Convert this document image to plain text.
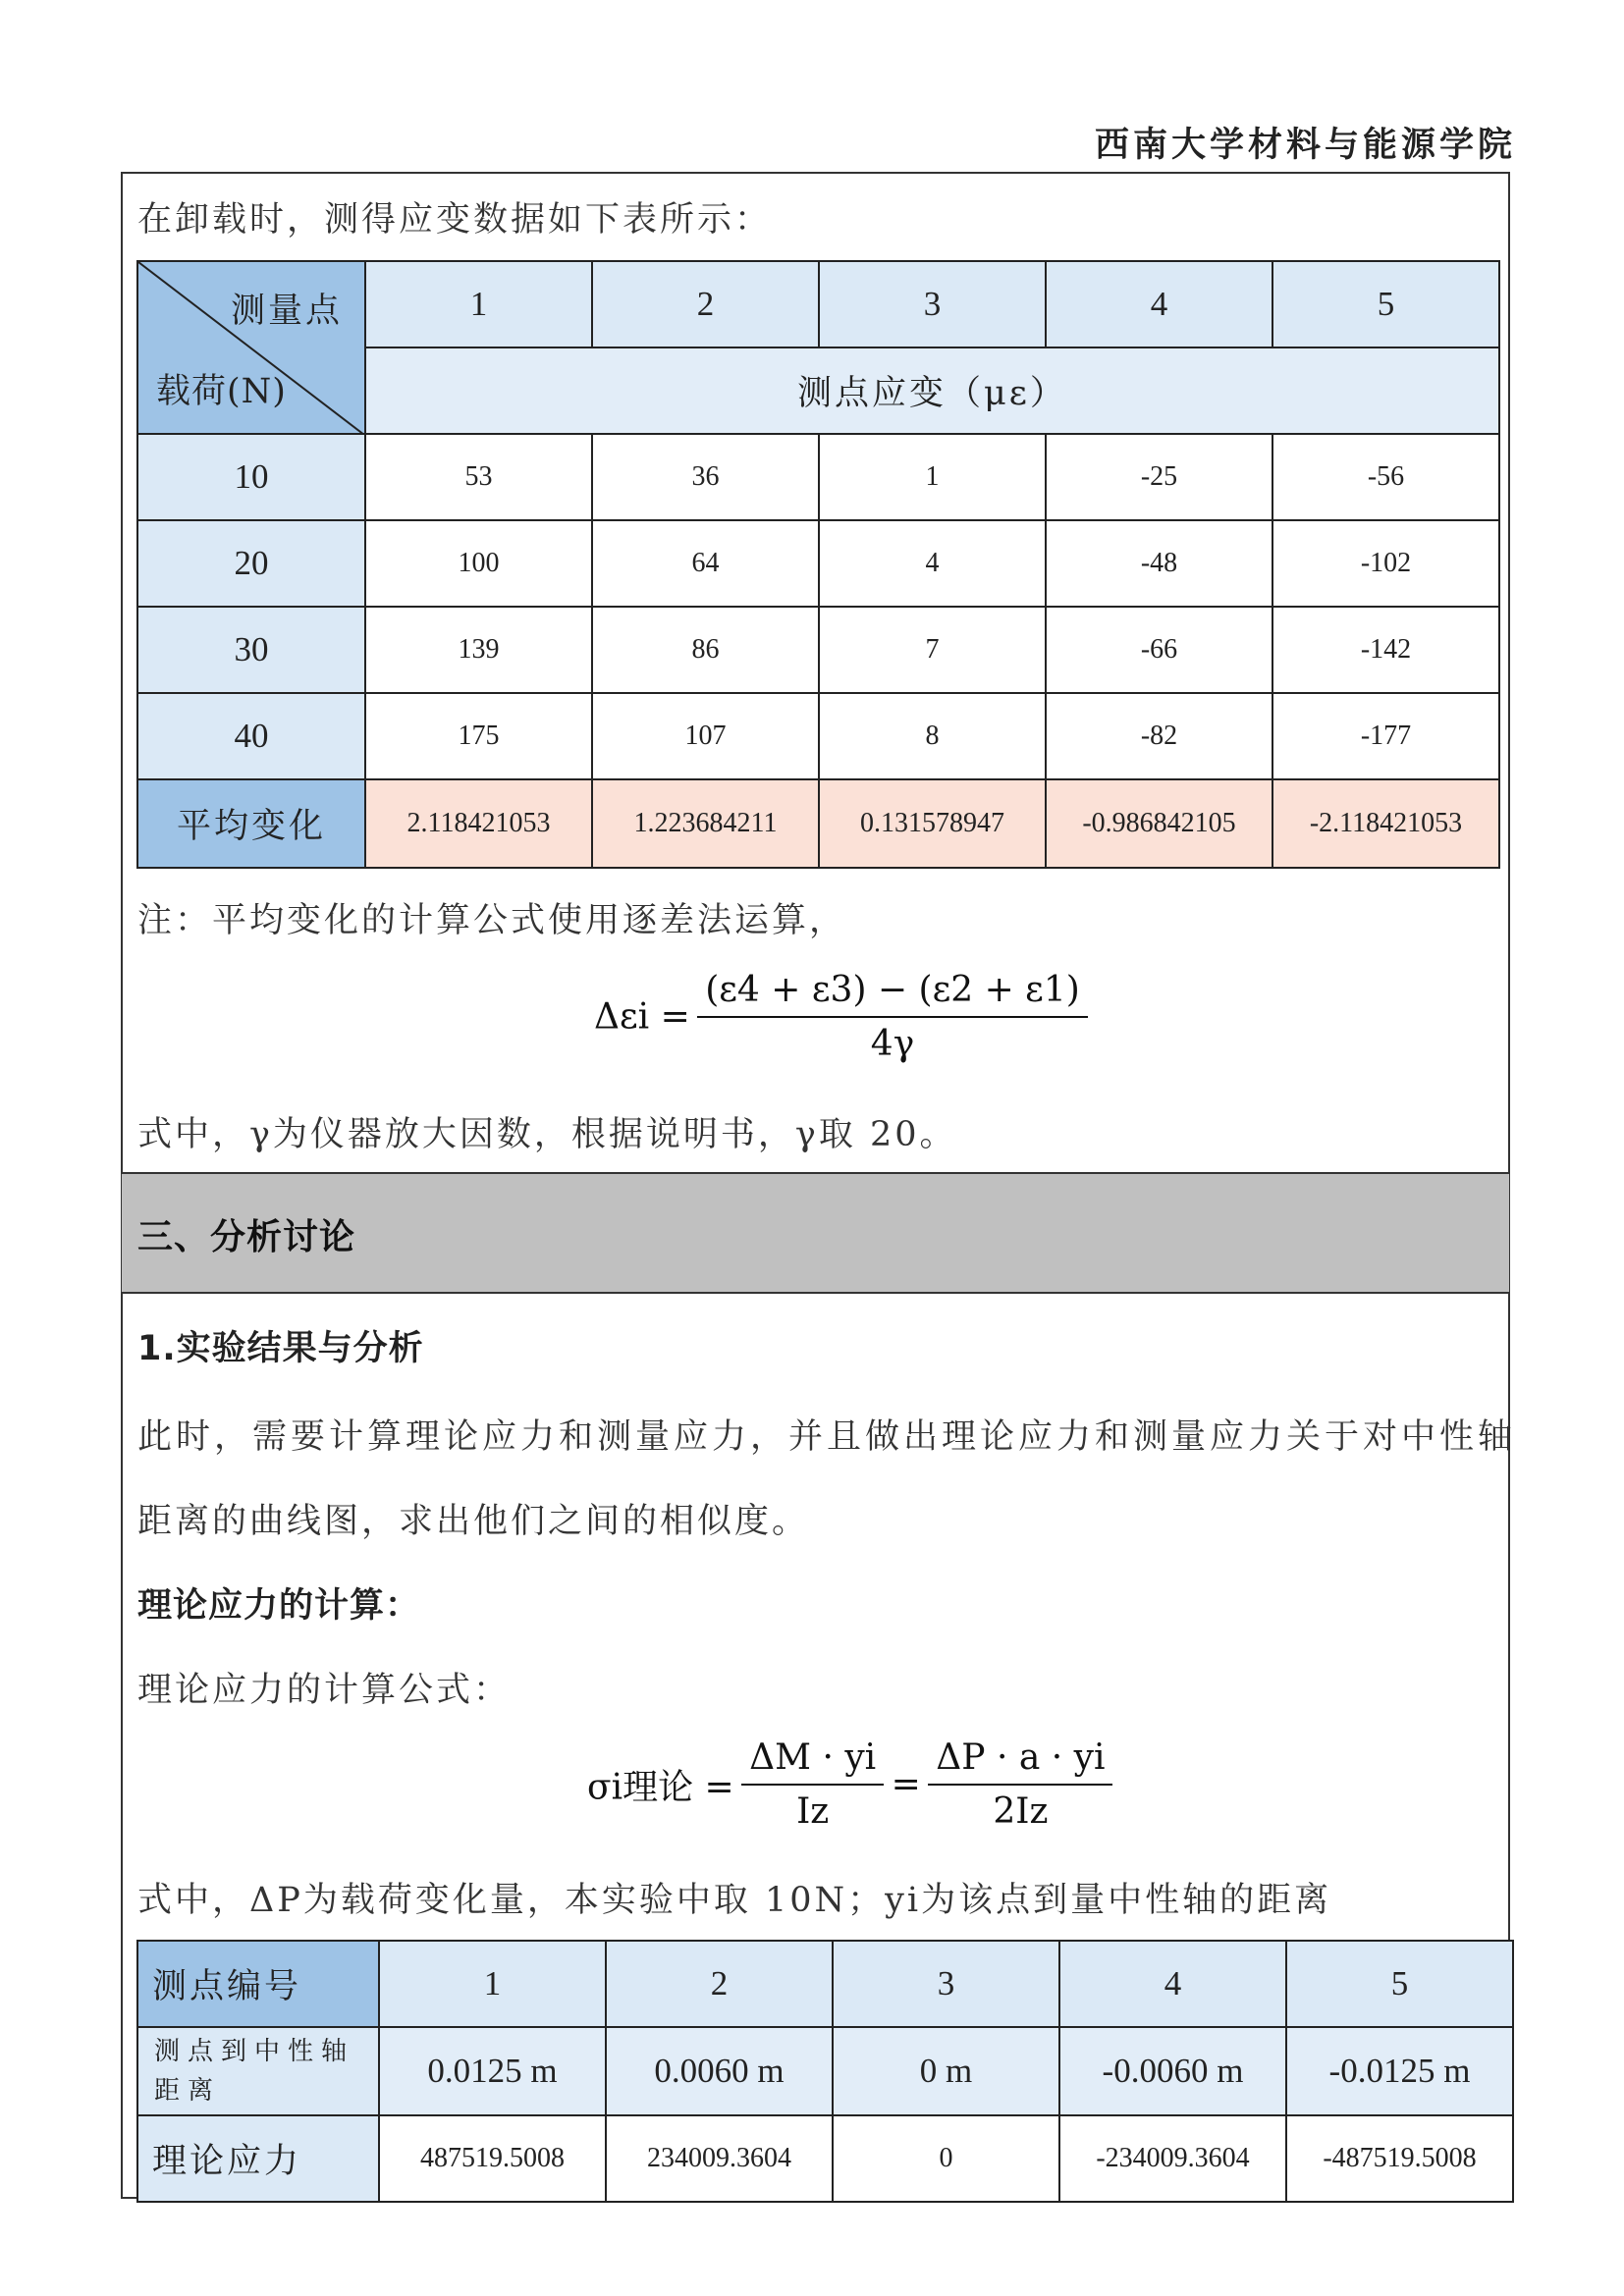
西南大学材料与能源学院
在卸载时，测得应变数据如下表所示：
测量点
载荷(N)	1	2	3	4	5
	测点应变（με）				
10	53	36	1	-25	-56
20	100	64	4	-48	-102
30	139	86	7	-66	-142
40	175	107	8	-82	-177
平均变化	2.118421053	1.223684211	0.131578947	-0.986842105	-2.118421053
注：平均变化的计算公式使用逐差法运算，
$\Delta\varepsilon i = \frac{(\varepsilon 4 + \varepsilon 3) - (\varepsilon 2 + \varepsilon 1)}{4\gamma}$
式中，γ为仪器放大因数，根据说明书，γ取 20。
三、分析讨论
1.实验结果与分析
此时，需要计算理论应力和测量应力，并且做出理论应力和测量应力关于对中性轴
距离的曲线图，求出他们之间的相似度。
理论应力的计算：
理论应力的计算公式：
σi理论 = $\frac{\Delta M \cdot yi}{Iz} = \frac{\Delta P \cdot a \cdot yi}{2Iz}$
式中，ΔP为载荷变化量，本实验中取 10N；yi为该点到量中性轴的距离
测点编号	1	2	3	4	5
测点到中性轴距离	0.0125 m	0.0060 m	0 m	-0.0060 m	-0.0125 m
理论应力	487519.5008	234009.3604	0	-234009.3604	-487519.5008
